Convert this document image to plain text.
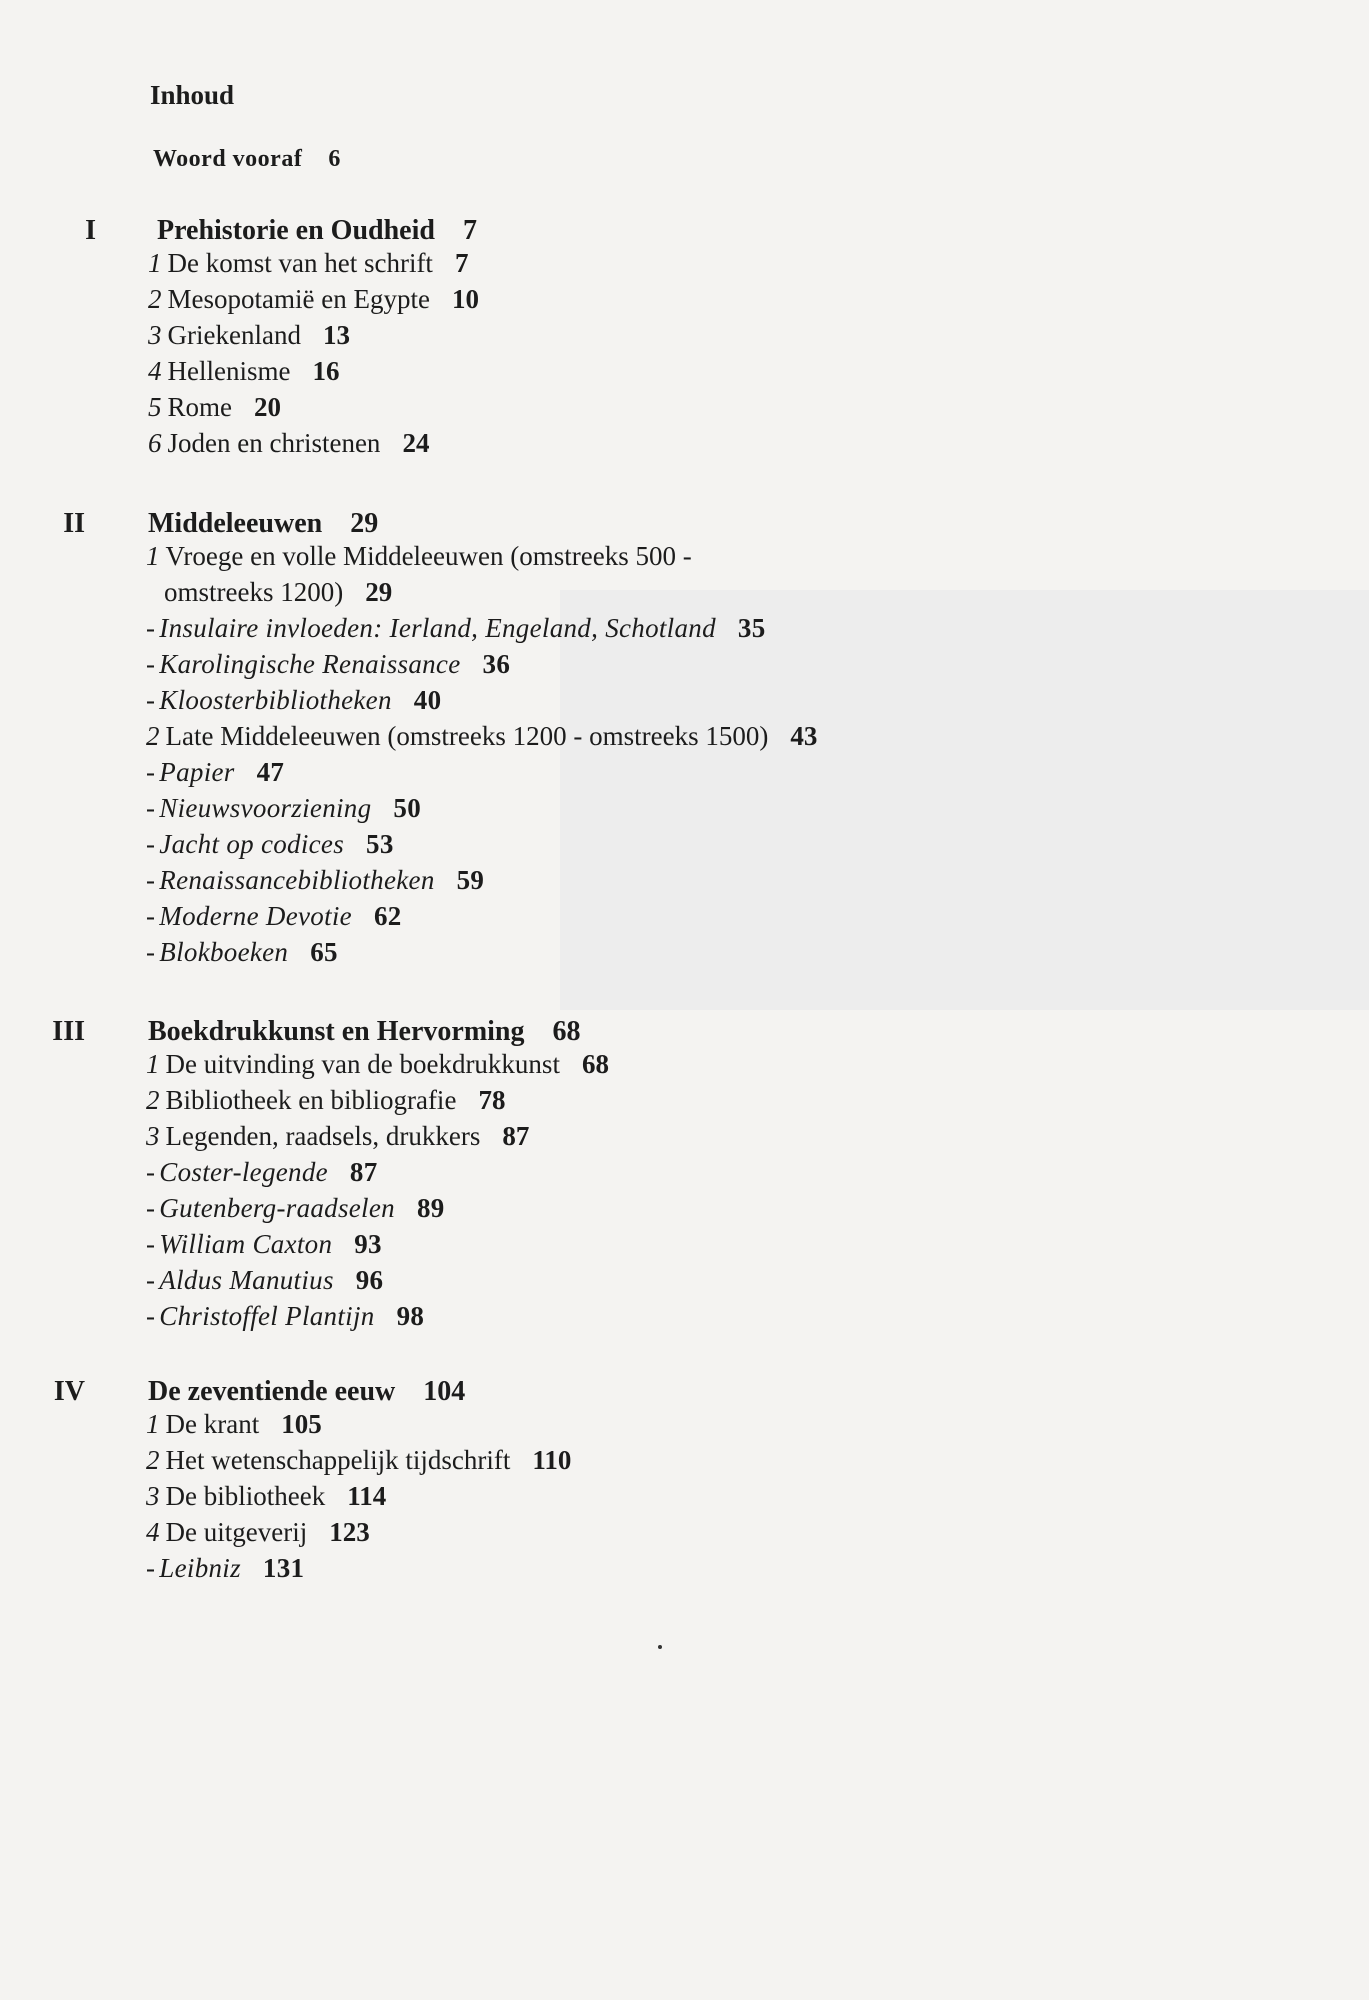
Inhoud
Woord vooraf 6
I Prehistorie en Oudheid 7
1 De komst van het schrift 7
2 Mesopotamië en Egypte 10
3 Griekenland 13
4 Hellenisme 16
5 Rome 20
6 Joden en christenen 24
II Middeleeuwen 29
1 Vroege en volle Middeleeuwen (omstreeks 500 -
omstreeks 1200) 29
- Insulaire invloeden: Ierland, Engeland, Schotland 35
- Karolingische Renaissance 36
- Kloosterbibliotheken 40
2 Late Middeleeuwen (omstreeks 1200 - omstreeks 1500) 43
- Papier 47
- Nieuwsvoorziening 50
- Jacht op codices 53
- Renaissancebibliotheken 59
- Moderne Devotie 62
- Blokboeken 65
III Boekdrukkunst en Hervorming 68
1 De uitvinding van de boekdrukkunst 68
2 Bibliotheek en bibliografie 78
3 Legenden, raadsels, drukkers 87
- Coster-legende 87
- Gutenberg-raadselen 89
- William Caxton 93
- Aldus Manutius 96
- Christoffel Plantijn 98
IV De zeventiende eeuw 104
1 De krant 105
2 Het wetenschappelijk tijdschrift 110
3 De bibliotheek 114
4 De uitgeverij 123
- Leibniz 131
